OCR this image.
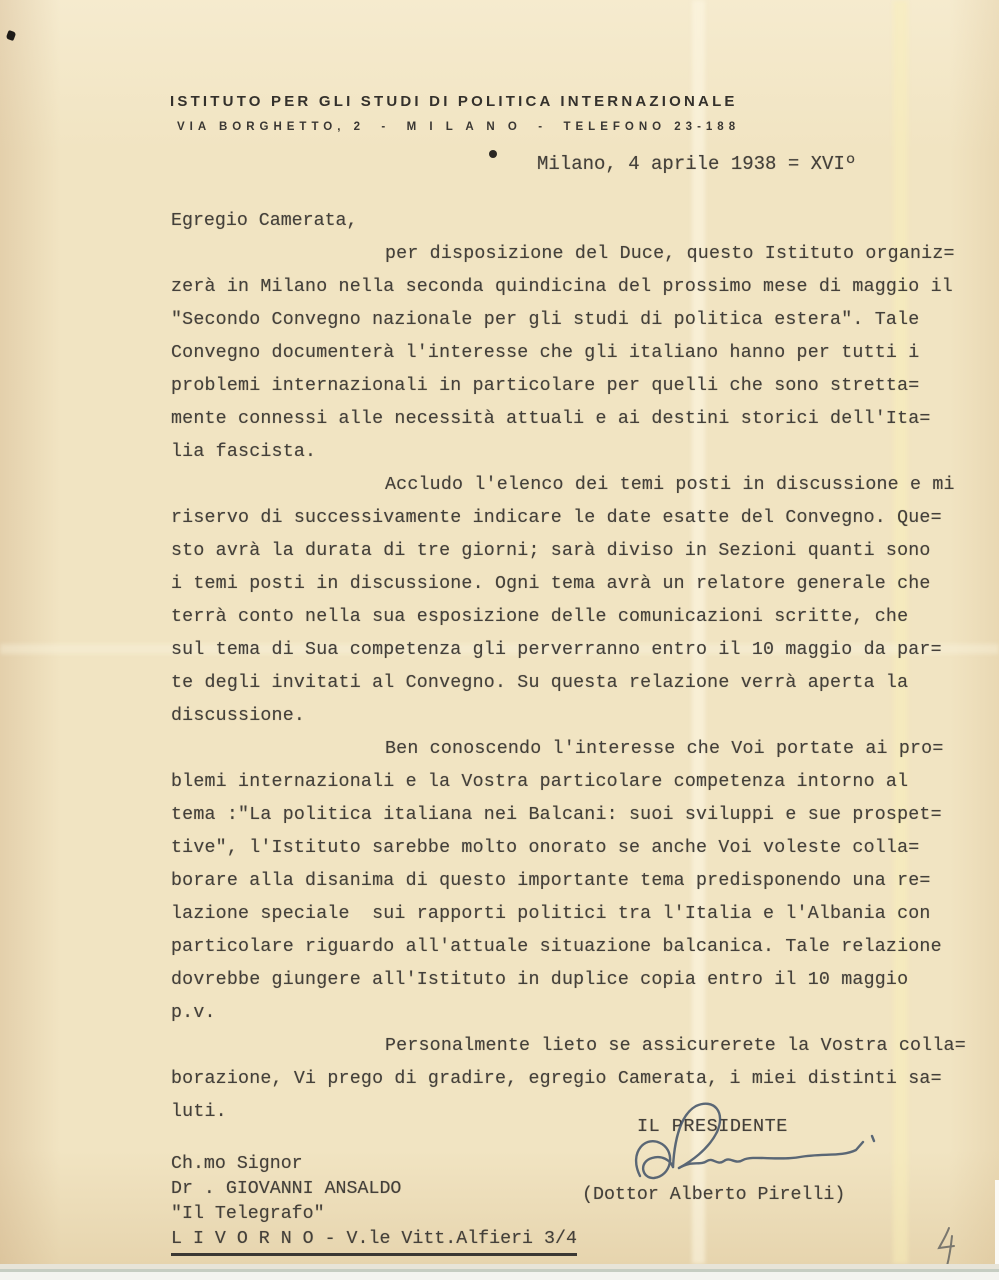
ISTITUTO PER GLI STUDI DI POLITICA INTERNAZIONALE
VIA BORGHETTO, 2  -  M I L A N O  -  TELEFONO 23-188
Milano, 4 aprile 1938 = XVIº
Egregio Camerata,
per disposizione del Duce, questo Istituto organiz=
zerà in Milano nella seconda quindicina del prossimo mese di maggio il
"Secondo Convegno nazionale per gli studi di politica estera". Tale
Convegno documenterà l'interesse che gli italiano hanno per tutti i
problemi internazionali in particolare per quelli che sono stretta=
mente connessi alle necessità attuali e ai destini storici dell'Ita=
lia fascista.
Accludo l'elenco dei temi posti in discussione e mi
riservo di successivamente indicare le date esatte del Convegno. Que=
sto avrà la durata di tre giorni; sarà diviso in Sezioni quanti sono
i temi posti in discussione. Ogni tema avrà un relatore generale che
terrà conto nella sua esposizione delle comunicazioni scritte, che
sul tema di Sua competenza gli perverranno entro il 10 maggio da par=
te degli invitati al Convegno. Su questa relazione verrà aperta la
discussione.
Ben conoscendo l'interesse che Voi portate ai pro=
blemi internazionali e la Vostra particolare competenza intorno al
tema :"La politica italiana nei Balcani: suoi sviluppi e sue prospet=
tive", l'Istituto sarebbe molto onorato se anche Voi voleste colla=
borare alla disanima di questo importante tema predisponendo una re=
lazione speciale  sui rapporti politici tra l'Italia e l'Albania con
particolare riguardo all'attuale situazione balcanica. Tale relazione
dovrebbe giungere all'Istituto in duplice copia entro il 10 maggio
p.v.
Personalmente lieto se assicurerete la Vostra colla=
borazione, Vi prego di gradire, egregio Camerata, i miei distinti sa=
luti.
IL PRESIDENTE
(Dottor Alberto Pirelli)
Ch.mo Signor
Dr . GIOVANNI ANSALDO
"Il Telegrafo"
L I V O R N O - V.le Vitt.Alfieri 3/4
